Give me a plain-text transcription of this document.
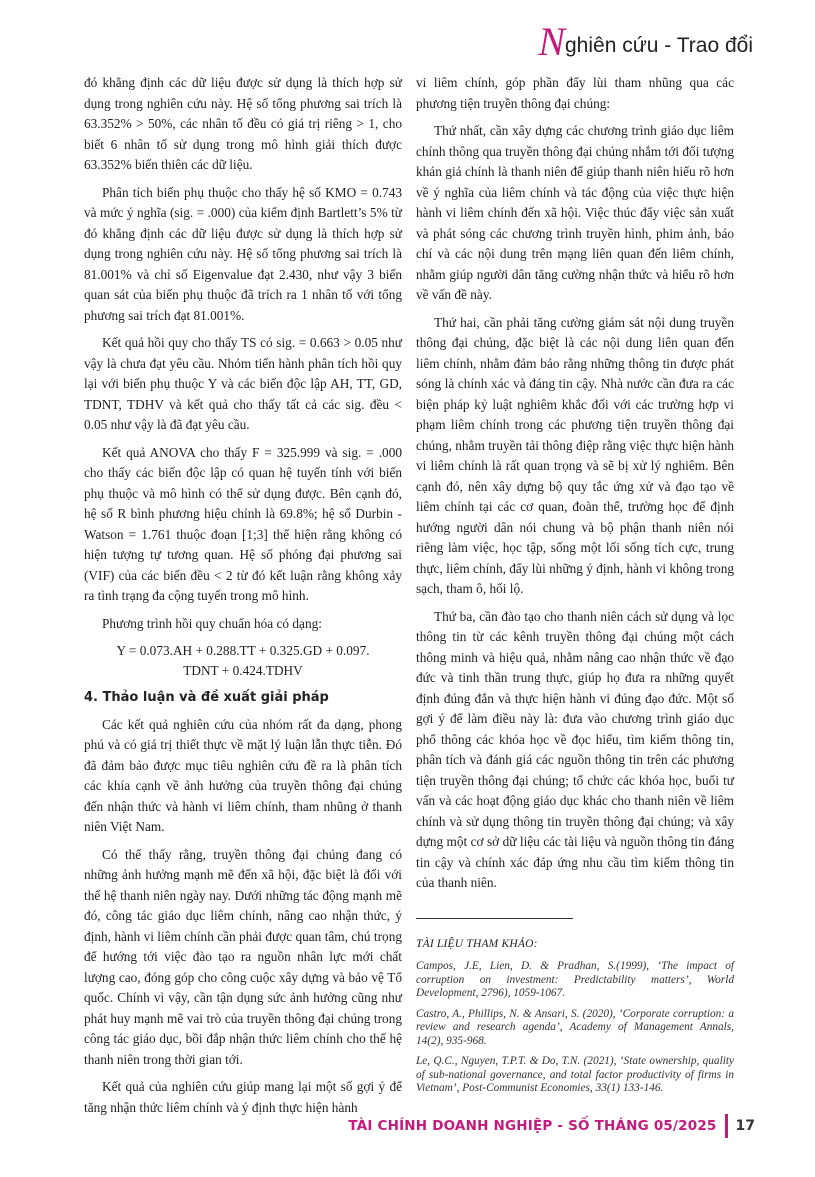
Nghiên cứu - Trao đổi

đó khẳng định các dữ liệu được sử dụng là thích hợp sử dụng trong nghiên cứu này. Hệ số tổng phương sai trích là 63.352% > 50%, các nhân tố đều có giá trị riêng > 1, cho biết 6 nhân tố sử dụng trong mô hình giải thích được 63.352% biến thiên các dữ liệu.

Phân tích biến phụ thuộc cho thấy hệ số KMO = 0.743 và mức ý nghĩa (sig. = .000) của kiểm định Bartlett’s 5% từ đó khẳng định các dữ liệu được sử dụng là thích hợp sử dụng trong nghiên cứu này. Hệ số tổng phương sai trích là 81.001% và chỉ số Eigenvalue đạt 2.430, như vậy 3 biến quan sát của biến phụ thuộc đã trích ra 1 nhân tố với tổng phương sai trích đạt 81.001%.

Kết quả hồi quy cho thấy TS có sig. = 0.663 > 0.05 như vậy là chưa đạt yêu cầu. Nhóm tiến hành phân tích hồi quy lại với biến phụ thuộc Y và các biến độc lập AH, TT, GD, TDNT, TDHV và kết quả cho thấy tất cả các sig. đều < 0.05 như vậy là đã đạt yêu cầu.

Kết quả ANOVA cho thấy F = 325.999 và sig. = .000 cho thấy các biến độc lập có quan hệ tuyến tính với biến phụ thuộc và mô hình có thể sử dụng được. Bên cạnh đó, hệ số R bình phương hiệu chỉnh là 69.8%; hệ số Durbin - Watson = 1.761 thuộc đoạn [1;3] thể hiện rằng không có hiện tượng tự tương quan. Hệ số phóng đại phương sai (VIF) của các biến đều < 2 từ đó kết luận rằng không xảy ra tình trạng đa cộng tuyến trong mô hình.

Phương trình hồi quy chuẩn hóa có dạng:

Y = 0.073.AH + 0.288.TT + 0.325.GD + 0.097.
TDNT + 0.424.TDHV
4. Thảo luận và đề xuất giải pháp

Các kết quả nghiên cứu của nhóm rất đa dạng, phong phú và có giá trị thiết thực về mặt lý luận lẫn thực tiễn. Đó đã đảm bảo được mục tiêu nghiên cứu đề ra là phân tích các khía cạnh về ảnh hưởng của truyền thông đại chúng đến nhận thức và hành vi liêm chính, tham nhũng ở thanh niên Việt Nam.

Có thể thấy rằng, truyền thông đại chúng đang có những ảnh hưởng mạnh mẽ đến xã hội, đặc biệt là đối với thế hệ thanh niên ngày nay. Dưới những tác động mạnh mẽ đó, công tác giáo dục liêm chính, nâng cao nhận thức, ý định, hành vi liêm chính cần phải được quan tâm, chú trọng để hướng tới việc đào tạo ra nguồn nhân lực mới chất lượng cao, đóng góp cho công cuộc xây dựng và bảo vệ Tổ quốc. Chính vì vậy, cần tận dụng sức ảnh hưởng cũng như phát huy mạnh mẽ vai trò của truyền thông đại chúng trong công tác giáo dục, bồi đắp nhận thức liêm chính cho thế hệ thanh niên trong thời gian tới.

Kết quả của nghiên cứu giúp mang lại một số gợi ý để tăng nhận thức liêm chính và ý định thực hiện hành

vi liêm chính, góp phần đẩy lùi tham nhũng qua các phương tiện truyền thông đại chúng:

Thứ nhất, cần xây dựng các chương trình giáo dục liêm chính thông qua truyền thông đại chúng nhắm tới đối tượng khán giả chính là thanh niên để giúp thanh niên hiểu rõ hơn về ý nghĩa của liêm chính và tác động của việc thực hiện hành vi liêm chính đến xã hội. Việc thúc đẩy việc sản xuất và phát sóng các chương trình truyền hình, phim ảnh, báo chí và các nội dung trên mạng liên quan đến liêm chính, nhằm giúp người dân tăng cường nhận thức và hiểu rõ hơn về vấn đề này.

Thứ hai, cần phải tăng cường giám sát nội dung truyền thông đại chúng, đặc biệt là các nội dung liên quan đến liêm chính, nhằm đảm bảo rằng những thông tin được phát sóng là chính xác và đáng tin cậy. Nhà nước cần đưa ra các biện pháp kỷ luật nghiêm khắc đối với các trường hợp vi phạm liêm chính trong các phương tiện truyền thông đại chúng, nhằm truyền tải thông điệp rằng việc thực hiện hành vi liêm chính là rất quan trọng và sẽ bị xử lý nghiêm. Bên cạnh đó, nên xây dựng bộ quy tắc ứng xử và đạo tạo về liêm chính tại các cơ quan, đoàn thể, trường học để định hướng người dân nói chung và bộ phận thanh niên nói riêng làm việc, học tập, sống một lối sống tích cực, trung thực, liêm chính, đẩy lùi những ý định, hành vi không trong sạch, tham ô, hối lộ.

Thứ ba, cần đào tạo cho thanh niên cách sử dụng và lọc thông tin từ các kênh truyền thông đại chúng một cách thông minh và hiệu quả, nhằm nâng cao nhận thức về đạo đức và tinh thần trung thực, giúp họ đưa ra những quyết định đúng đắn và thực hiện hành vi đúng đạo đức. Một số gợi ý để làm điều này là: đưa vào chương trình giáo dục phổ thông các khóa học về đọc hiểu, tìm kiếm thông tin, phân tích và đánh giá các nguồn thông tin trên các phương tiện truyền thông đại chúng; tổ chức các khóa học, buổi tư vấn và các hoạt động giáo dục khác cho thanh niên về liêm chính và sử dụng thông tin truyền thông đại chúng; và xây dựng một cơ sở dữ liệu các tài liệu và nguồn thông tin đáng tin cậy và chính xác đáp ứng nhu cầu tìm kiếm thông tin của thanh niên.

TÀI LIỆU THAM KHẢO:

Campos, J.E, Lien, D. & Pradhan, S.(1999), ‘The impact of corruption on investment: Predictability matters’, World Development, 2796), 1059-1067.

Castro, A., Phillips, N. & Ansari, S. (2020), ‘Corporate corruption: a review and research agenda’, Academy of Management Annals, 14(2), 935-968.

Le, Q.C., Nguyen, T.P.T. & Do, T.N. (2021), ‘State ownership, quality of sub-national governance, and total factor productivity of firms in Vietnam’, Post-Communist Economies, 33(1) 133-146.

TÀI CHÍNH DOANH NGHIỆP - SỐ THÁNG 05/2025 17
